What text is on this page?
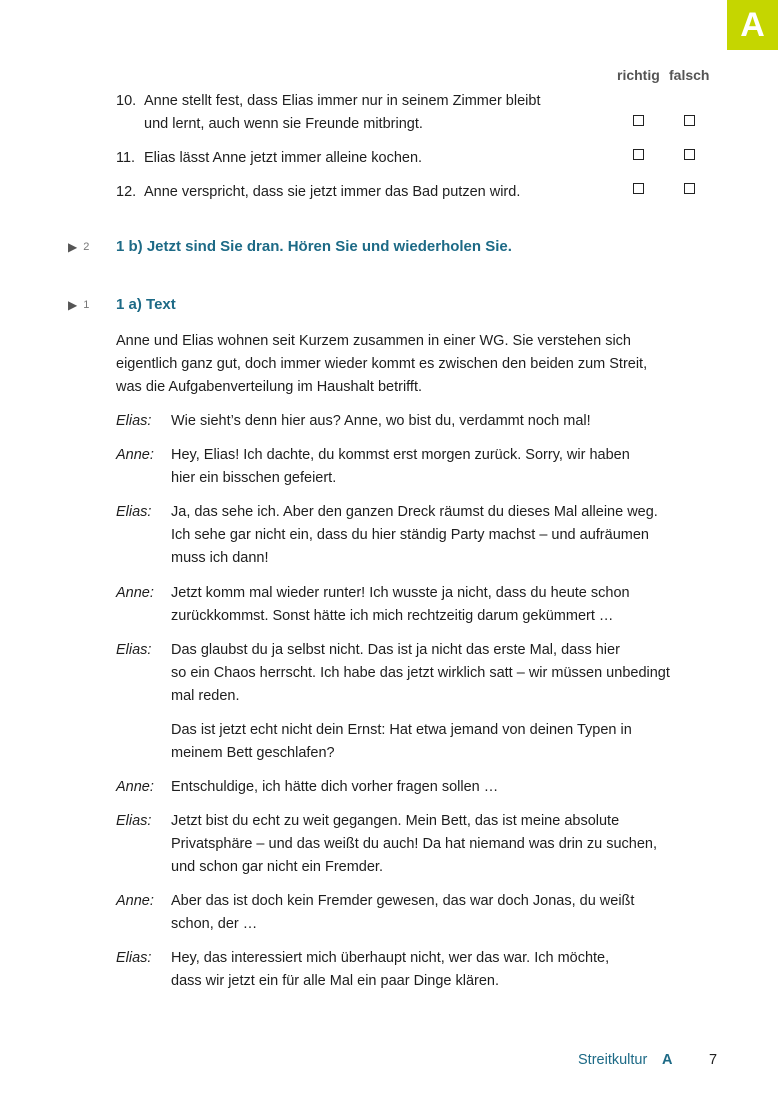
A
richtig falsch
10. Anne stellt fest, dass Elias immer nur in seinem Zimmer bleibt
und lernt, auch wenn sie Freunde mitbringt.
11. Elias lässt Anne jetzt immer alleine kochen.
12. Anne verspricht, dass sie jetzt immer das Bad putzen wird.
▶ 2 1 b) Jetzt sind Sie dran. Hören Sie und wiederholen Sie.
▶ 1 1 a) Text
Anne und Elias wohnen seit Kurzem zusammen in einer WG. Sie verstehen sich
eigentlich ganz gut, doch immer wieder kommt es zwischen den beiden zum Streit,
was die Aufgabenverteilung im Haushalt betrifft.
Elias: Wie sieht’s denn hier aus? Anne, wo bist du, verdammt noch mal!
Anne: Hey, Elias! Ich dachte, du kommst erst morgen zurück. Sorry, wir haben
hier ein bisschen gefeiert.
Elias: Ja, das sehe ich. Aber den ganzen Dreck räumst du dieses Mal alleine weg.
Ich sehe gar nicht ein, dass du hier ständig Party machst – und aufräumen
muss ich dann!
Anne: Jetzt komm mal wieder runter! Ich wusste ja nicht, dass du heute schon
zurückkommst. Sonst hätte ich mich rechtzeitig darum gekümmert …
Elias: Das glaubst du ja selbst nicht. Das ist ja nicht das erste Mal, dass hier
so ein Chaos herrscht. Ich habe das jetzt wirklich satt – wir müssen unbedingt
mal reden.
Das ist jetzt echt nicht dein Ernst: Hat etwa jemand von deinen Typen in
meinem Bett geschlafen?
Anne: Entschuldige, ich hätte dich vorher fragen sollen …
Elias: Jetzt bist du echt zu weit gegangen. Mein Bett, das ist meine absolute
Privatsphäre – und das weißt du auch! Da hat niemand was drin zu suchen,
und schon gar nicht ein Fremder.
Anne: Aber das ist doch kein Fremder gewesen, das war doch Jonas, du weißt
schon, der …
Elias: Hey, das interessiert mich überhaupt nicht, wer das war. Ich möchte,
dass wir jetzt ein für alle Mal ein paar Dinge klären.
Streitkultur A	7
